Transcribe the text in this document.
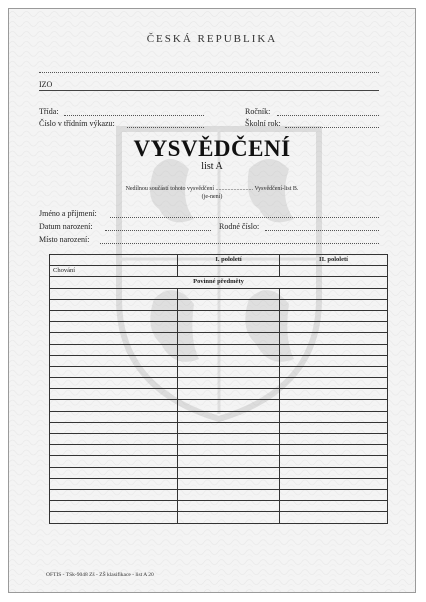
ČESKÁ REPUBLIKA
IZO
Třída:	Ročník:
Číslo v třídním výkazu:	Školní rok:
VYSVĚDČENÍ
list A
Nedílnou součástí tohoto vysvědčení ......................... Vysvědčení-list B.
(je-není)
Jméno a příjmení:
Datum narození:	Rodné číslo:
Místo narození:
	I. pololetí	II. pololetí
Chování		
Povinné předměty		

OFTIS - TSk-9048 Zš - ZŠ klasifikace - list A 20
